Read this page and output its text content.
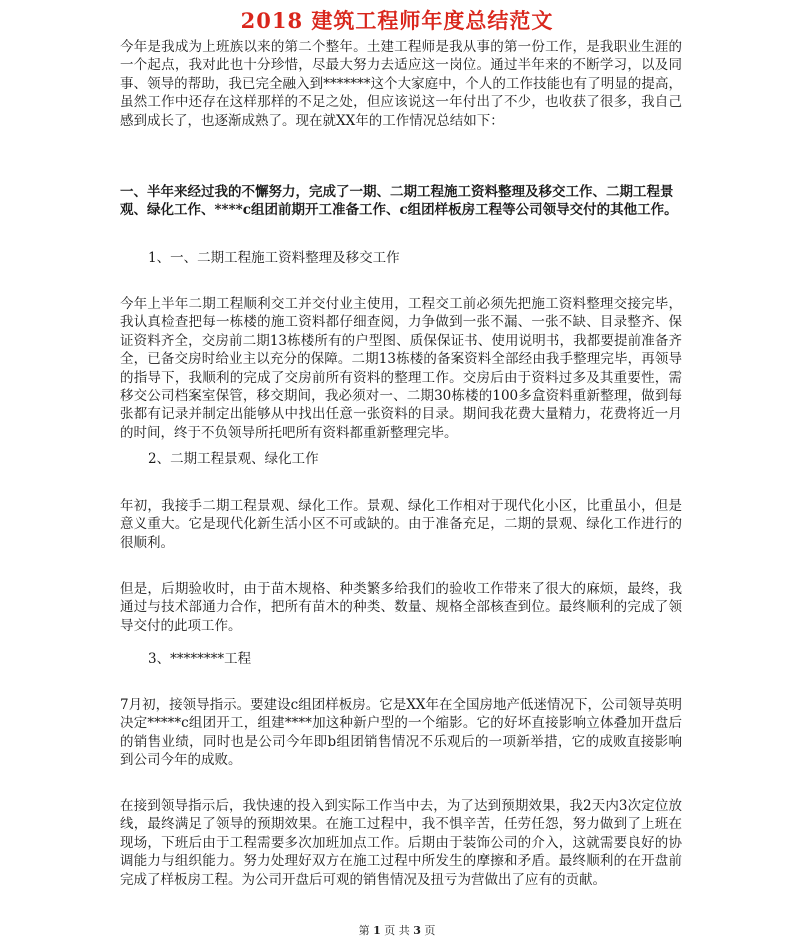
2018 建筑工程师年度总结范文

今年是我成为上班族以来的第二个整年。土建工程师是我从事的第一份工作，是我职业生涯的一个起点，我对此也十分珍惜，尽最大努力去适应这一岗位。通过半年来的不断学习，以及同事、领导的帮助，我已完全融入到*******这个大家庭中，个人的工作技能也有了明显的提高，虽然工作中还存在这样那样的不足之处，但应该说这一年付出了不少，也收获了很多，我自己感到成长了，也逐渐成熟了。现在就XX年的工作情况总结如下：

一、半年来经过我的不懈努力，完成了一期、二期工程施工资料整理及移交工作、二期工程景观、绿化工作、****c组团前期开工准备工作、c组团样板房工程等公司领导交付的其他工作。

1、一、二期工程施工资料整理及移交工作

今年上半年二期工程顺利交工并交付业主使用，工程交工前必须先把施工资料整理交接完毕，我认真检查把每一栋楼的施工资料都仔细查阅，力争做到一张不漏、一张不缺、目录整齐、保证资料齐全，交房前二期13栋楼所有的户型图、质保保证书、使用说明书，我都要提前准备齐全，已备交房时给业主以充分的保障。二期13栋楼的备案资料全部经由我手整理完毕，再领导的指导下，我顺利的完成了交房前所有资料的整理工作。交房后由于资料过多及其重要性，需移交公司档案室保管，移交期间，我必须对一、二期30栋楼的100多盒资料重新整理，做到每张都有记录并制定出能够从中找出任意一张资料的目录。期间我花费大量精力，花费将近一月的时间，终于不负领导所托吧所有资料都重新整理完毕。

2、二期工程景观、绿化工作

年初，我接手二期工程景观、绿化工作。景观、绿化工作相对于现代化小区，比重虽小，但是意义重大。它是现代化新生活小区不可或缺的。由于准备充足，二期的景观、绿化工作进行的很顺利。

但是，后期验收时，由于苗木规格、种类繁多给我们的验收工作带来了很大的麻烦，最终，我通过与技术部通力合作，把所有苗木的种类、数量、规格全部核查到位。最终顺利的完成了领导交付的此项工作。

3、********工程

7月初，接领导指示。要建设c组团样板房。它是XX年在全国房地产低迷情况下，公司领导英明决定*****c组团开工，组建****加这种新户型的一个缩影。它的好坏直接影响立体叠加开盘后的销售业绩，同时也是公司今年即b组团销售情况不乐观后的一项新举措，它的成败直接影响到公司今年的成败。

在接到领导指示后，我快速的投入到实际工作当中去，为了达到预期效果，我2天内3次定位放线，最终满足了领导的预期效果。在施工过程中，我不惧辛苦，任劳任怨，努力做到了上班在现场，下班后由于工程需要多次加班加点工作。后期由于装饰公司的介入，这就需要良好的协调能力与组织能力。努力处理好双方在施工过程中所发生的摩擦和矛盾。最终顺利的在开盘前完成了样板房工程。为公司开盘后可观的销售情况及扭亏为营做出了应有的贡献。

第 1 页 共 3 页
